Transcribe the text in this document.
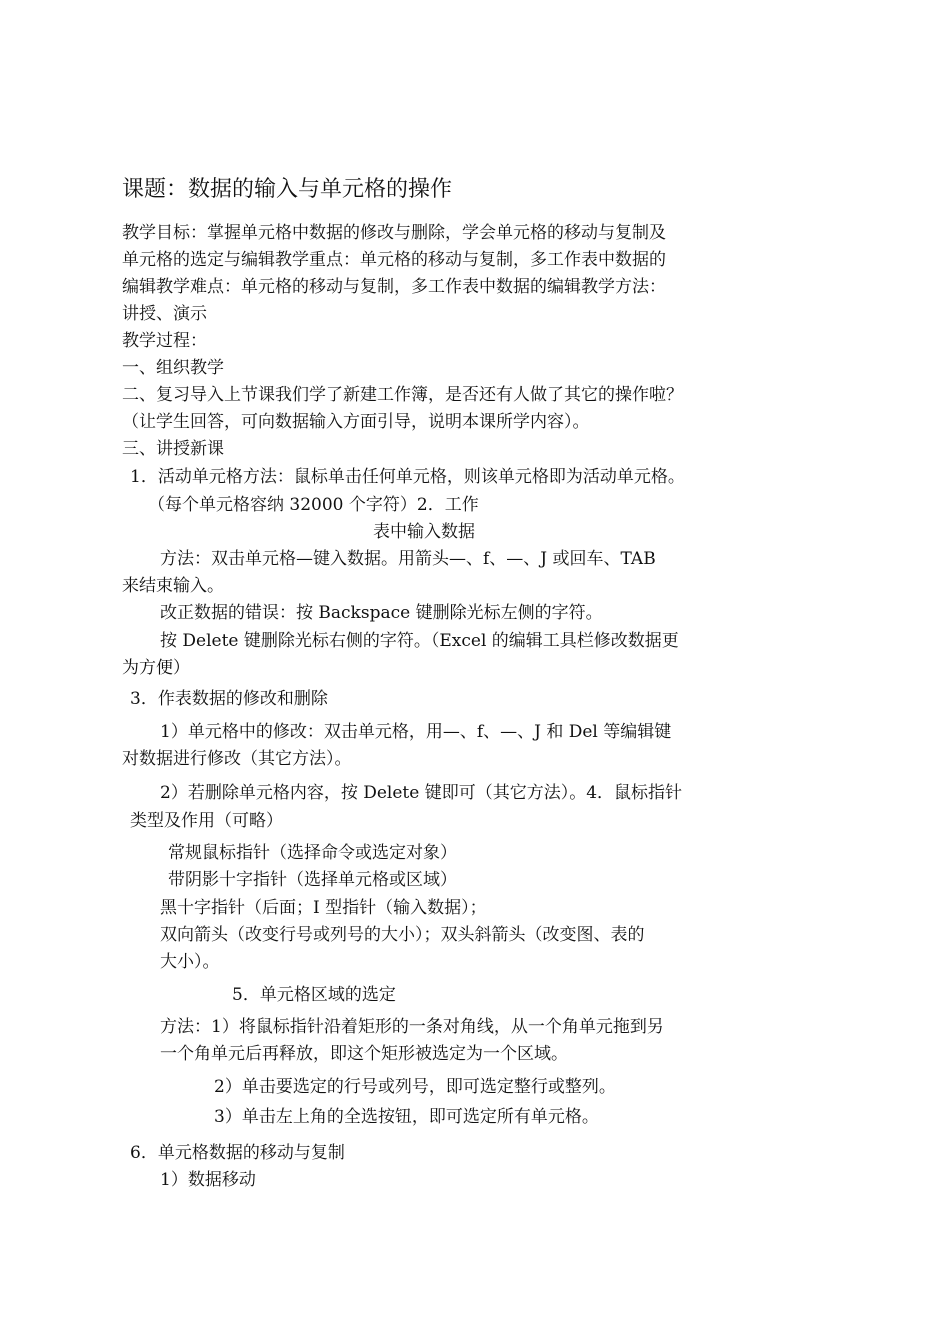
课题：数据的输入与单元格的操作
教学目标：掌握单元格中数据的修改与删除，学会单元格的移动与复制及
单元格的选定与编辑教学重点：单元格的移动与复制，多工作表中数据的
编辑教学难点：单元格的移动与复制，多工作表中数据的编辑教学方法：
讲授、演示
教学过程：
一、组织教学
二、复习导入上节课我们学了新建工作簿，是否还有人做了其它的操作啦？
（让学生回答，可向数据输入方面引导，说明本课所学内容）。
三、讲授新课
1．活动单元格方法：鼠标单击任何单元格，则该单元格即为活动单元格。
（每个单元格容纳 32000 个字符）2．工作
表中输入数据
方法：双击单元格—键入数据。用箭头—、f、—、J 或回车、TAB
来结束输入。
改正数据的错误：按 Backspace 键删除光标左侧的字符。
按 Delete 键删除光标右侧的字符。（Excel 的编辑工具栏修改数据更
为方便）
3．作表数据的修改和删除
1）单元格中的修改：双击单元格，用—、f、—、J 和 Del 等编辑键
对数据进行修改（其它方法）。
2）若删除单元格内容，按 Delete 键即可（其它方法）。4．鼠标指针
类型及作用（可略）
常规鼠标指针（选择命令或选定对象）
带阴影十字指针（选择单元格或区域）
黑十字指针（后面；I 型指针（输入数据）；
双向箭头（改变行号或列号的大小）；双头斜箭头（改变图、表的
大小）。
5．单元格区域的选定
方法：1）将鼠标指针沿着矩形的一条对角线，从一个角单元拖到另
一个角单元后再释放，即这个矩形被选定为一个区域。
2）单击要选定的行号或列号，即可选定整行或整列。
3）单击左上角的全选按钮，即可选定所有单元格。
6．单元格数据的移动与复制
1）数据移动
